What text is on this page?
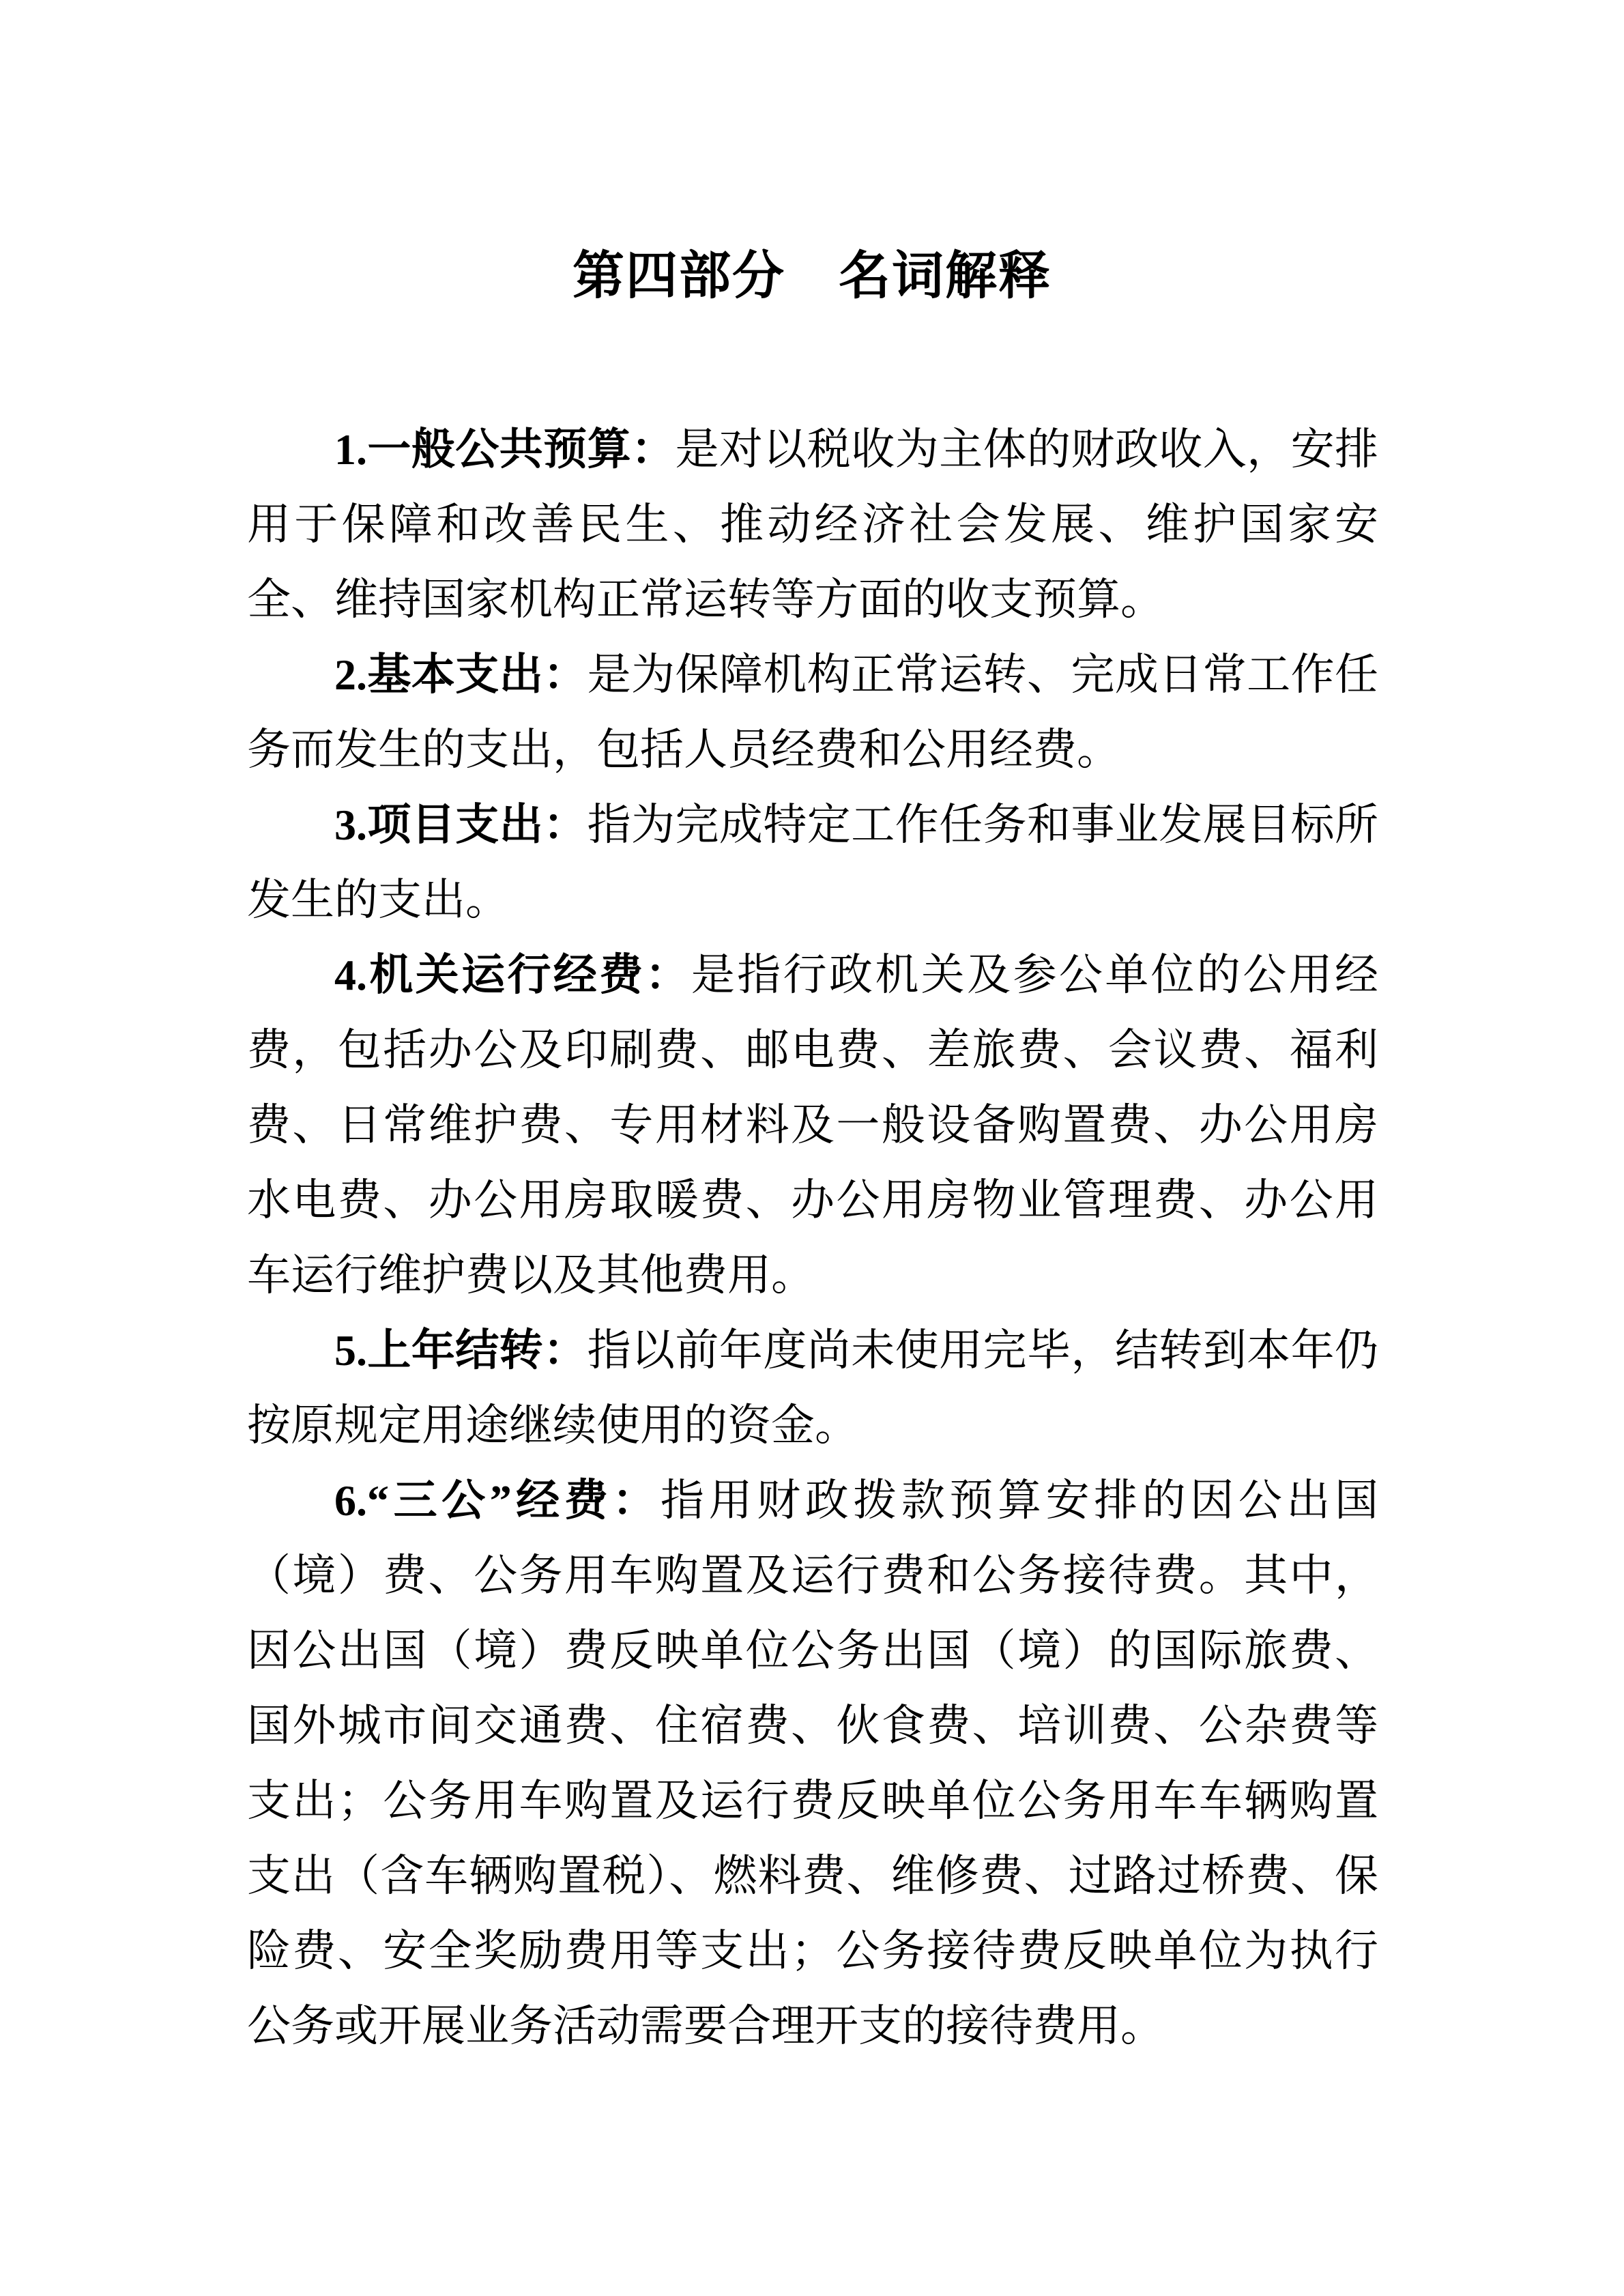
第四部分　名词解释

1.一般公共预算：是对以税收为主体的财政收入，安排用于保障和改善民生、推动经济社会发展、维护国家安全、维持国家机构正常运转等方面的收支预算。

2.基本支出：是为保障机构正常运转、完成日常工作任务而发生的支出，包括人员经费和公用经费。

3.项目支出：指为完成特定工作任务和事业发展目标所发生的支出。

4.机关运行经费：是指行政机关及参公单位的公用经费，包括办公及印刷费、邮电费、差旅费、会议费、福利费、日常维护费、专用材料及一般设备购置费、办公用房水电费、办公用房取暖费、办公用房物业管理费、办公用车运行维护费以及其他费用。

5.上年结转：指以前年度尚未使用完毕，结转到本年仍按原规定用途继续使用的资金。

6.“三公”经费：指用财政拨款预算安排的因公出国（境）费、公务用车购置及运行费和公务接待费。其中，因公出国（境）费反映单位公务出国（境）的国际旅费、国外城市间交通费、住宿费、伙食费、培训费、公杂费等支出；公务用车购置及运行费反映单位公务用车车辆购置支出（含车辆购置税）、燃料费、维修费、过路过桥费、保险费、安全奖励费用等支出；公务接待费反映单位为执行公务或开展业务活动需要合理开支的接待费用。
